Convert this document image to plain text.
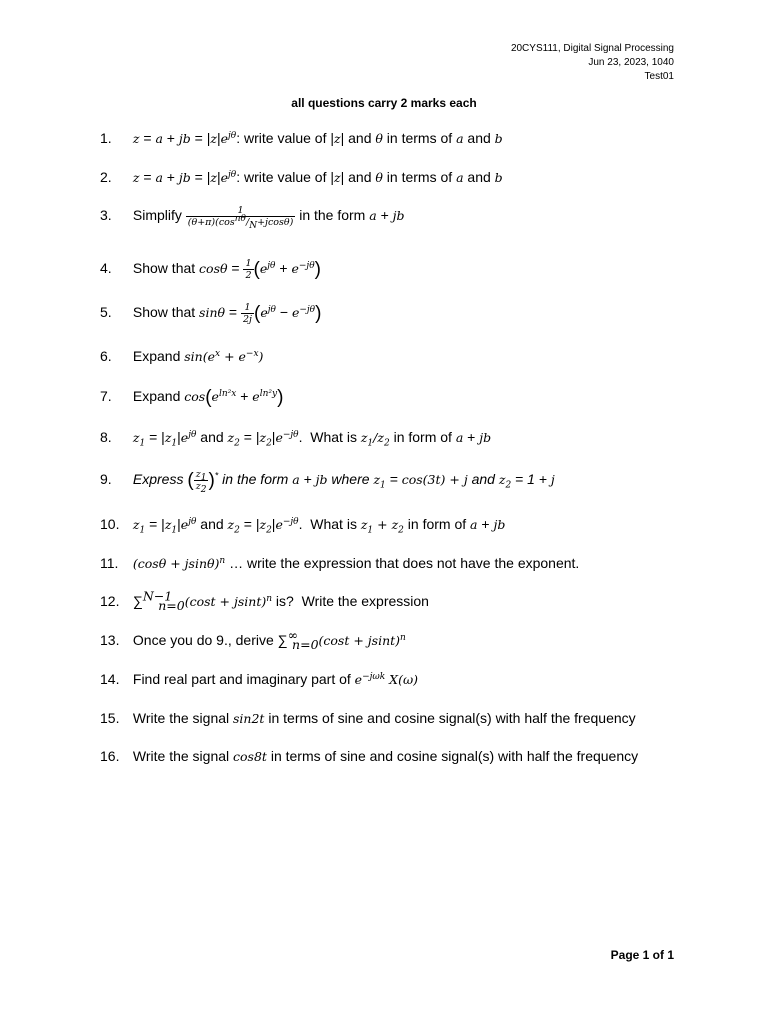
20CYS111, Digital Signal Processing
Jun 23, 2023, 1040
Test01
all questions carry 2 marks each
1. z = a + jb = $|z|e^{j\theta}$: write value of |z| and θ in terms of a and b
2. z = a + jb = $|z|e^{j\theta}$: write value of |z| and θ in terms of a and b
3. Simplify $\frac{1}{(\theta+\pi)(\cos^{n\theta}/_N+jcos\theta)}$ in the form a + jb
4. Show that $\cos\theta = \frac{1}{2} (e^{j\theta} + e^{-j\theta})$
5. Show that $\sin\theta = \frac{1}{2j} (e^{j\theta} - e^{-j\theta})$
6. Expand $\sin(e^x + e^{-x})$
7. Expand $\cos(e^{ln^2x} + e^{ln^2y})$
8. $z_1 = |z_1|e^{j\theta}$ and $z_2 = |z_2|e^{-j\theta}$.  What is $z_1/z_2$ in form of a + jb
9. Express ( $\frac{z_1}{z_2} )^*$ in the form a + jb where $z_1 = \cos(3t) + j$ and $z_2 = 1 + j$
10. $z_1 = |z_1|e^{j\theta}$ and $z_2 = |z_2|e^{-j\theta}$.  What is $z_1 + z_2$ in form of a + jb
11. $(\cos\theta + jsin\theta)^n$ … write the expression that does not have the exponent.
12. $\sum^{N-1}_{n=0}(\cos t + jsint)^n$ is?  Write the expression
13. Once you do 9., derive $\sum^\infty_{n=0}(\cos t + jsint)^n$
14. Find real part and imaginary part of $e^{-j\omega k}$ X(ω)
15. Write the signal sin2t in terms of sine and cosine signal(s) with half the frequency
16. Write the signal cos8t in terms of sine and cosine signal(s) with half the frequency
Page 1 of 1
